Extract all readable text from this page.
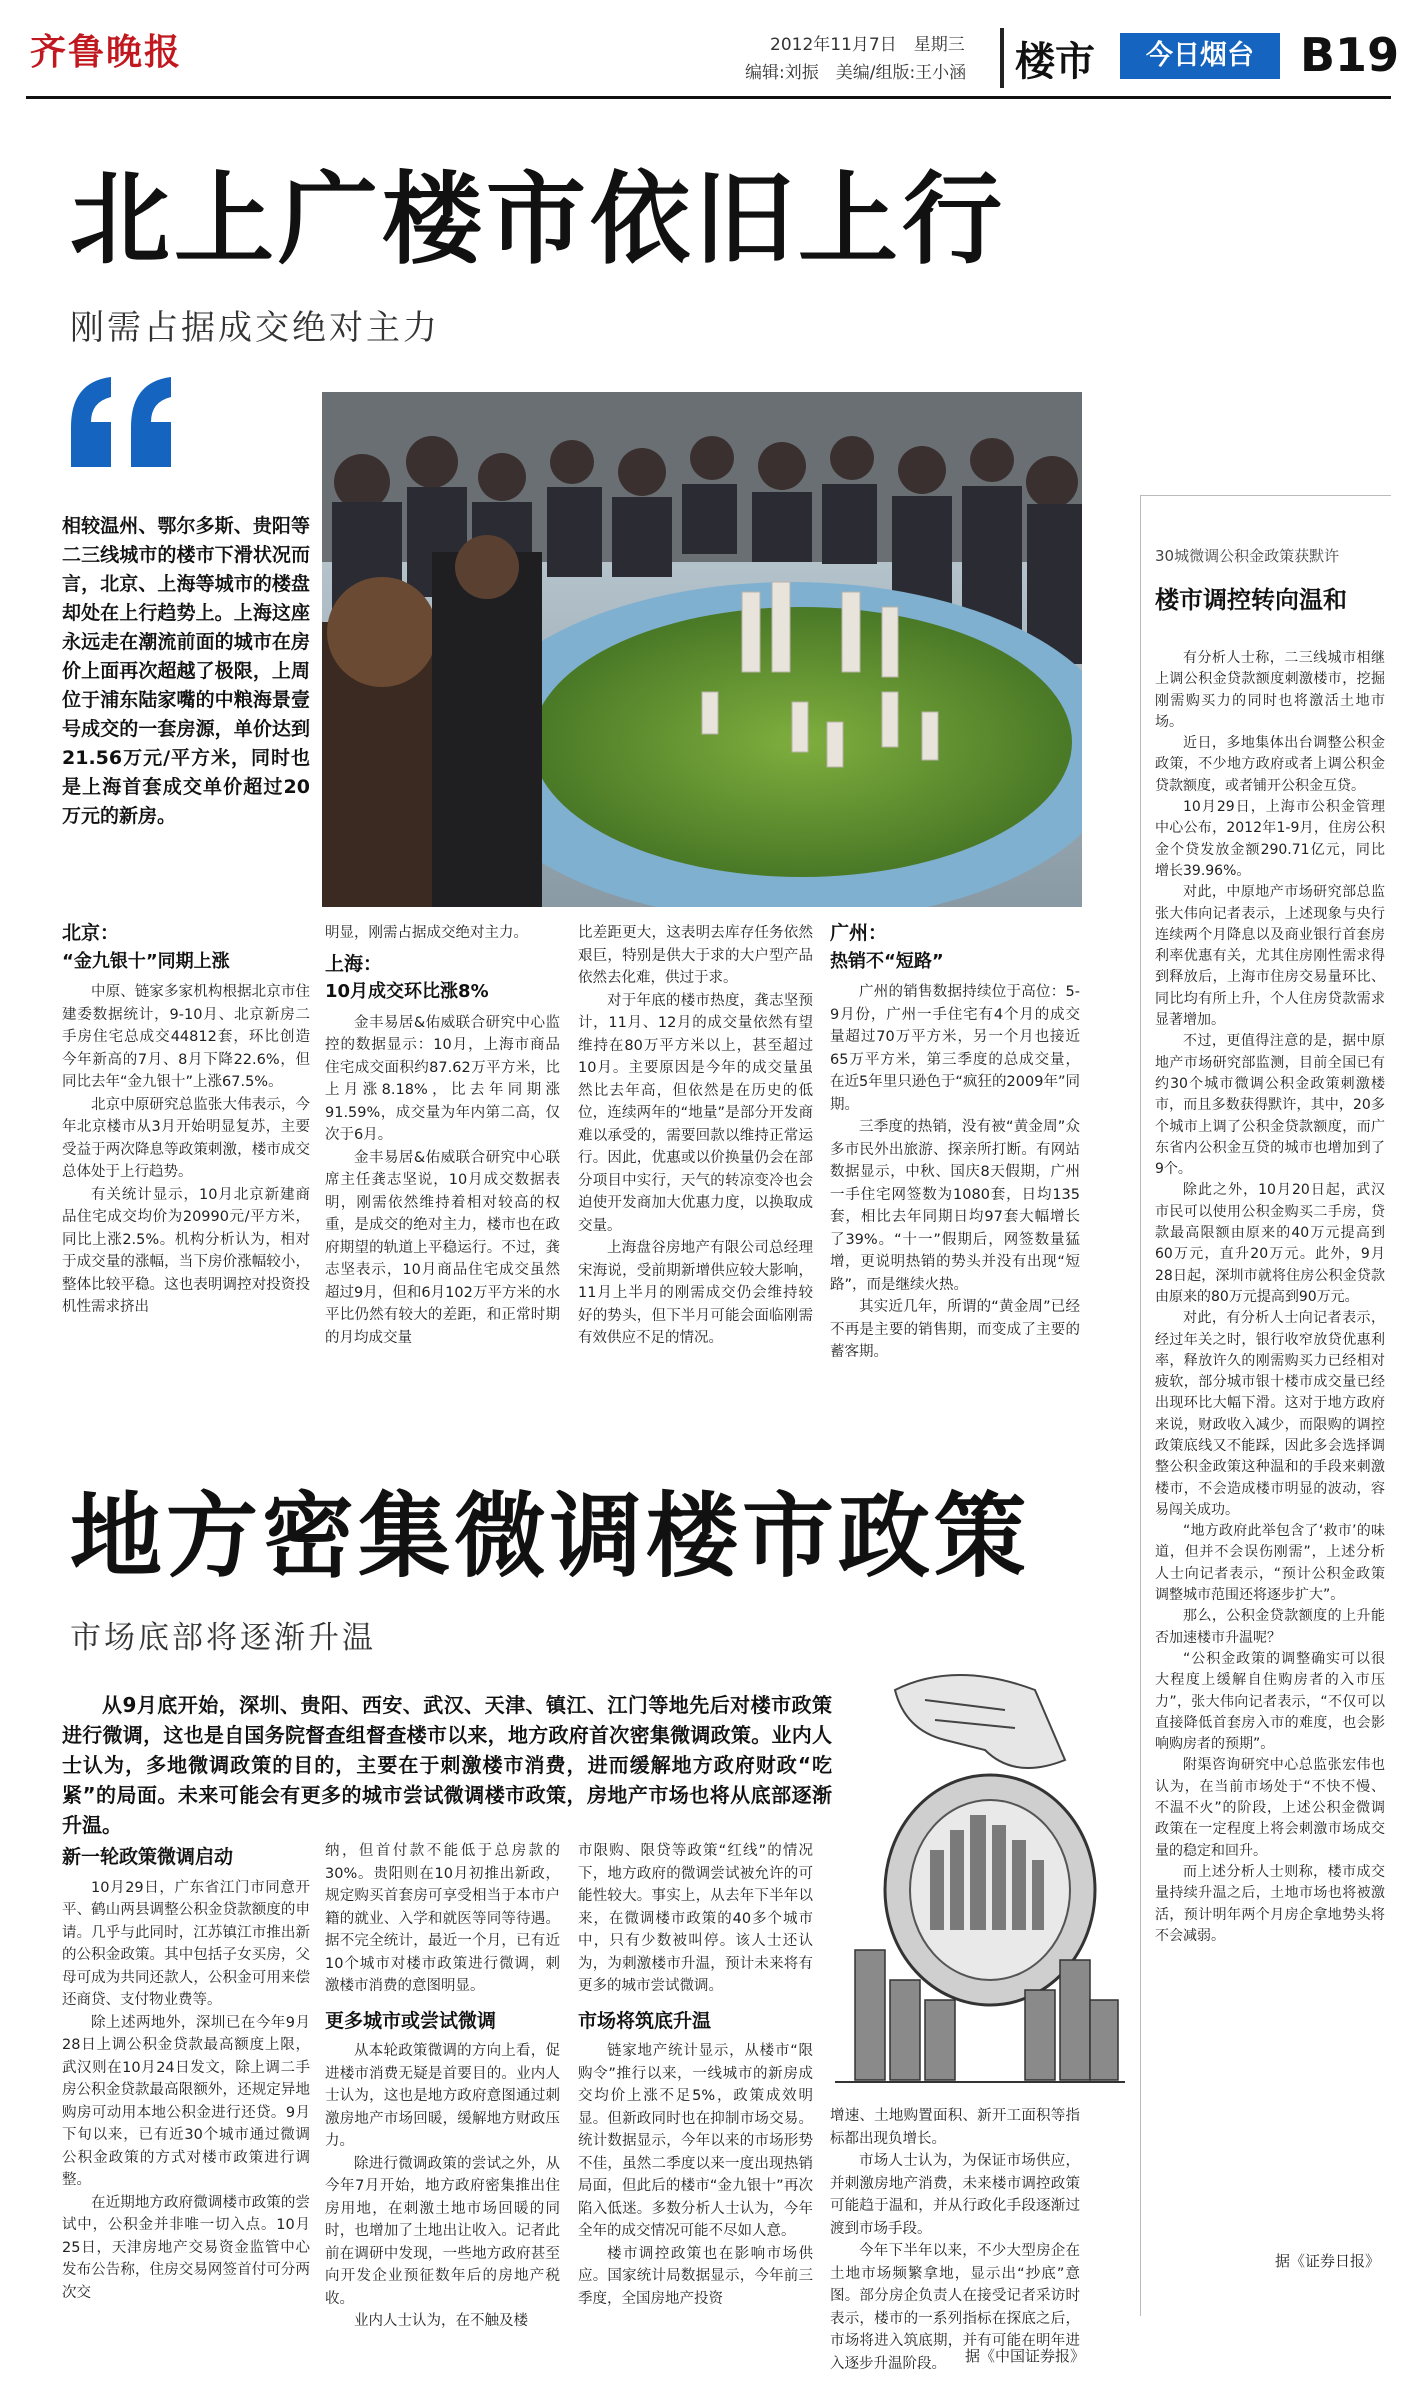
齐鲁晚报	2012年11月7日　星期三
编辑:刘振　美编/组版:王小涵 楼市	今日烟台	B19
北上广楼市依旧上行
刚需占据成交绝对主力
相较温州、鄂尔多斯、贵阳等二三线城市的楼市下滑状况而言，北京、上海等城市的楼盘却处在上行趋势上。上海这座永远走在潮流前面的城市在房价上面再次超越了极限，上周位于浦东陆家嘴的中粮海景壹号成交的一套房源，单价达到21.56万元/平方米，同时也是上海首套成交单价超过20万元的新房。
北京：
“金九银十”同期上涨

中原、链家多家机构根据北京市住建委数据统计，9-10月、北京新房二手房住宅总成交44812套，环比创造今年新高的7月、8月下降22.6%，但同比去年“金九银十”上涨67.5%。

北京中原研究总监张大伟表示，今年北京楼市从3月开始明显复苏，主要受益于两次降息等政策刺激，楼市成交总体处于上行趋势。

有关统计显示，10月北京新建商品住宅成交均价为20990元/平方米，同比上涨2.5%。机构分析认为，相对于成交量的涨幅，当下房价涨幅较小，整体比较平稳。这也表明调控对投资投机性需求挤出

明显，刚需占据成交绝对主力。

上海：
10月成交环比涨8%

金丰易居&佑威联合研究中心监控的数据显示：10月，上海市商品住宅成交面积约87.62万平方米，比上月涨8.18%，比去年同期涨91.59%，成交量为年内第二高，仅次于6月。

金丰易居&佑威联合研究中心联席主任龚志坚说，10月成交数据表明，刚需依然维持着相对较高的权重，是成交的绝对主力，楼市也在政府期望的轨道上平稳运行。不过，龚志坚表示，10月商品住宅成交虽然超过9月，但和6月102万平方米的水平比仍然有较大的差距，和正常时期的月均成交量

比差距更大，这表明去库存任务依然艰巨，特别是供大于求的大户型产品依然去化难，供过于求。

对于年底的楼市热度，龚志坚预计，11月、12月的成交量依然有望维持在80万平方米以上，甚至超过10月。主要原因是今年的成交量虽然比去年高，但依然是在历史的低位，连续两年的“地量”是部分开发商难以承受的，需要回款以维持正常运行。因此，优惠或以价换量仍会在部分项目中实行，天气的转凉变冷也会迫使开发商加大优惠力度，以换取成交量。

上海盘谷房地产有限公司总经理宋海说，受前期新增供应较大影响，11月上半月的刚需成交仍会维持较好的势头，但下半月可能会面临刚需有效供应不足的情况。

广州：
热销不“短路”

广州的销售数据持续位于高位：5-9月份，广州一手住宅有4个月的成交量超过70万平方米，另一个月也接近65万平方米，第三季度的总成交量，在近5年里只逊色于“疯狂的2009年”同期。

三季度的热销，没有被“黄金周”众多市民外出旅游、探亲所打断。有网站数据显示，中秋、国庆8天假期，广州一手住宅网签数为1080套，日均135套，相比去年同期日均97套大幅增长了39%。“十一”假期后，网签数量猛增，更说明热销的势头并没有出现“短路”，而是继续火热。

其实近几年，所谓的“黄金周”已经不再是主要的销售期，而变成了主要的蓄客期。

30城微调公积金政策获默许
楼市调控转向温和

有分析人士称，二三线城市相继上调公积金贷款额度刺激楼市，挖掘刚需购买力的同时也将激活土地市场。

近日，多地集体出台调整公积金政策，不少地方政府或者上调公积金贷款额度，或者铺开公积金互贷。

10月29日，上海市公积金管理中心公布，2012年1-9月，住房公积金个贷发放金额290.71亿元，同比增长39.96%。

对此，中原地产市场研究部总监张大伟向记者表示，上述现象与央行连续两个月降息以及商业银行首套房利率优惠有关，尤其住房刚性需求得到释放后，上海市住房交易量环比、同比均有所上升，个人住房贷款需求显著增加。

不过，更值得注意的是，据中原地产市场研究部监测，目前全国已有约30个城市微调公积金政策刺激楼市，而且多数获得默许，其中，20多个城市上调了公积金贷款额度，而广东省内公积金互贷的城市也增加到了9个。

除此之外，10月20日起，武汉市民可以使用公积金购买二手房，贷款最高限额由原来的40万元提高到60万元，直升20万元。此外，9月28日起，深圳市就将住房公积金贷款由原来的80万元提高到90万元。

对此，有分析人士向记者表示，经过年关之时，银行收窄放贷优惠利率，释放许久的刚需购买力已经相对疲软，部分城市银十楼市成交量已经出现环比大幅下滑。这对于地方政府来说，财政收入减少，而限购的调控政策底线又不能踩，因此多会选择调整公积金政策这种温和的手段来刺激楼市，不会造成楼市明显的波动，容易闯关成功。

“地方政府此举包含了‘救市’的味道，但并不会误伤刚需”，上述分析人士向记者表示，“预计公积金政策调整城市范围还将逐步扩大”。

那么，公积金贷款额度的上升能否加速楼市升温呢？

“公积金政策的调整确实可以很大程度上缓解自住购房者的入市压力”，张大伟向记者表示，“不仅可以直接降低首套房入市的难度，也会影响购房者的预期”。

附渠咨询研究中心总监张宏伟也认为，在当前市场处于“不快不慢、不温不火”的阶段，上述公积金微调政策在一定程度上将会刺激市场成交量的稳定和回升。

而上述分析人士则称，楼市成交量持续升温之后，土地市场也将被激活，预计明年两个月房企拿地势头将不会减弱。

据《证券日报》
地方密集微调楼市政策
市场底部将逐渐升温
从9月底开始，深圳、贵阳、西安、武汉、天津、镇江、江门等地先后对楼市政策进行微调，这也是自国务院督查组督查楼市以来，地方政府首次密集微调政策。业内人士认为，多地微调政策的目的，主要在于刺激楼市消费，进而缓解地方政府财政“吃紧”的局面。未来可能会有更多的城市尝试微调楼市政策，房地产市场也将从底部逐渐升温。
新一轮政策微调启动

10月29日，广东省江门市同意开平、鹤山两县调整公积金贷款额度的申请。几乎与此同时，江苏镇江市推出新的公积金政策。其中包括子女买房，父母可成为共同还款人，公积金可用来偿还商贷、支付物业费等。

除上述两地外，深圳已在今年9月28日上调公积金贷款最高额度上限，武汉则在10月24日发文，除上调二手房公积金贷款最高限额外，还规定异地购房可动用本地公积金进行还贷。9月下旬以来，已有近30个城市通过微调公积金政策的方式对楼市政策进行调整。

在近期地方政府微调楼市政策的尝试中，公积金并非唯一切入点。10月25日，天津房地产交易资金监管中心发布公告称，住房交易网签首付可分两次交

纳，但首付款不能低于总房款的30%。贵阳则在10月初推出新政，规定购买首套房可享受相当于本市户籍的就业、入学和就医等同等待遇。据不完全统计，最近一个月，已有近10个城市对楼市政策进行微调，刺激楼市消费的意图明显。

更多城市或尝试微调

从本轮政策微调的方向上看，促进楼市消费无疑是首要目的。业内人士认为，这也是地方政府意图通过刺激房地产市场回暖，缓解地方财政压力。

除进行微调政策的尝试之外，从今年7月开始，地方政府密集推出住房用地，在刺激土地市场回暖的同时，也增加了土地出让收入。记者此前在调研中发现，一些地方政府甚至向开发企业预征数年后的房地产税收。

业内人士认为，在不触及楼

市限购、限贷等政策“红线”的情况下，地方政府的微调尝试被允许的可能性较大。事实上，从去年下半年以来，在微调楼市政策的40多个城市中，只有少数被叫停。该人士还认为，为刺激楼市升温，预计未来将有更多的城市尝试微调。

市场将筑底升温

链家地产统计显示，从楼市“限购令”推行以来，一线城市的新房成交均价上涨不足5%，政策成效明显。但新政同时也在抑制市场交易。统计数据显示，今年以来的市场形势不佳，虽然二季度以来一度出现热销局面，但此后的楼市“金九银十”再次陷入低迷。多数分析人士认为，今年全年的成交情况可能不尽如人意。

楼市调控政策也在影响市场供应。国家统计局数据显示，今年前三季度，全国房地产投资

增速、土地购置面积、新开工面积等指标都出现负增长。

市场人士认为，为保证市场供应，并刺激房地产消费，未来楼市调控政策可能趋于温和，并从行政化手段逐渐过渡到市场手段。

今年下半年以来，不少大型房企在土地市场频繁拿地，显示出“抄底”意图。部分房企负责人在接受记者采访时表示，楼市的一系列指标在探底之后，市场将进入筑底期，并有可能在明年进入逐步升温阶段。	据《中国证券报》
